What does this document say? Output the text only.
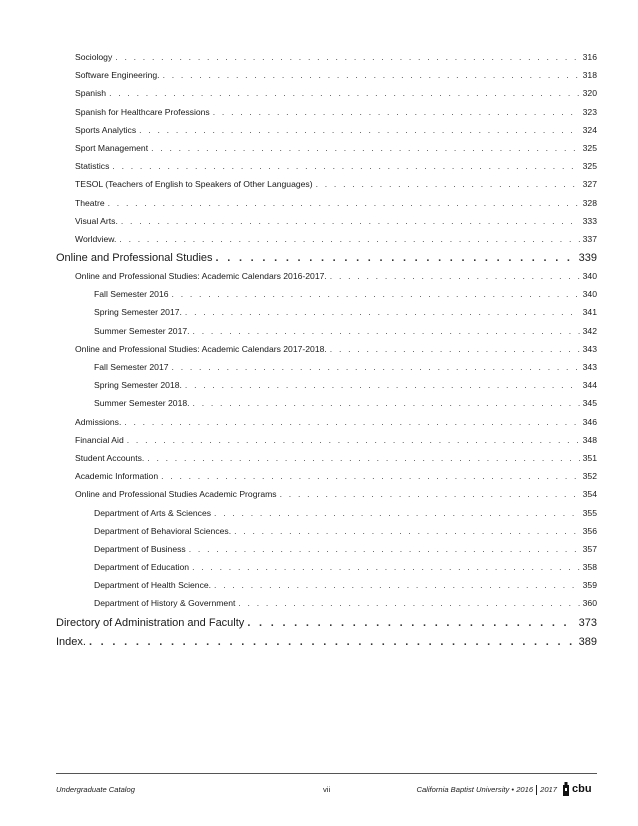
Sociology . . .	316
Software Engineering. . . .	318
Spanish . . .	320
Spanish for Healthcare Professions . . .	323
Sports Analytics . . .	324
Sport Management . . .	325
Statistics . . .	325
TESOL (Teachers of English to Speakers of Other Languages) . . .	327
Theatre . . .	328
Visual Arts. . . .	333
Worldview. . . .	337
Online and Professional Studies . . .	339
Online and Professional Studies: Academic Calendars 2016-2017. . . .	340
Fall Semester 2016 . . .	340
Spring Semester 2017. . . .	341
Summer Semester 2017. . . .	342
Online and Professional Studies: Academic Calendars 2017-2018. . . .	343
Fall Semester 2017 . . .	343
Spring Semester 2018. . . .	344
Summer Semester 2018. . . .	345
Admissions. . . .	346
Financial Aid . . .	348
Student Accounts. . . .	351
Academic Information . . .	352
Online and Professional Studies Academic Programs . . .	354
Department of Arts & Sciences . . .	355
Department of Behavioral Sciences. . . .	356
Department of Business . . .	357
Department of Education . . .	358
Department of Health Science. . . .	359
Department of History & Government . . .	360
Directory of Administration and Faculty . . .	373
Index. . . .	389
Undergraduate Catalog	vii	California Baptist University • 2016 2017 cbu
